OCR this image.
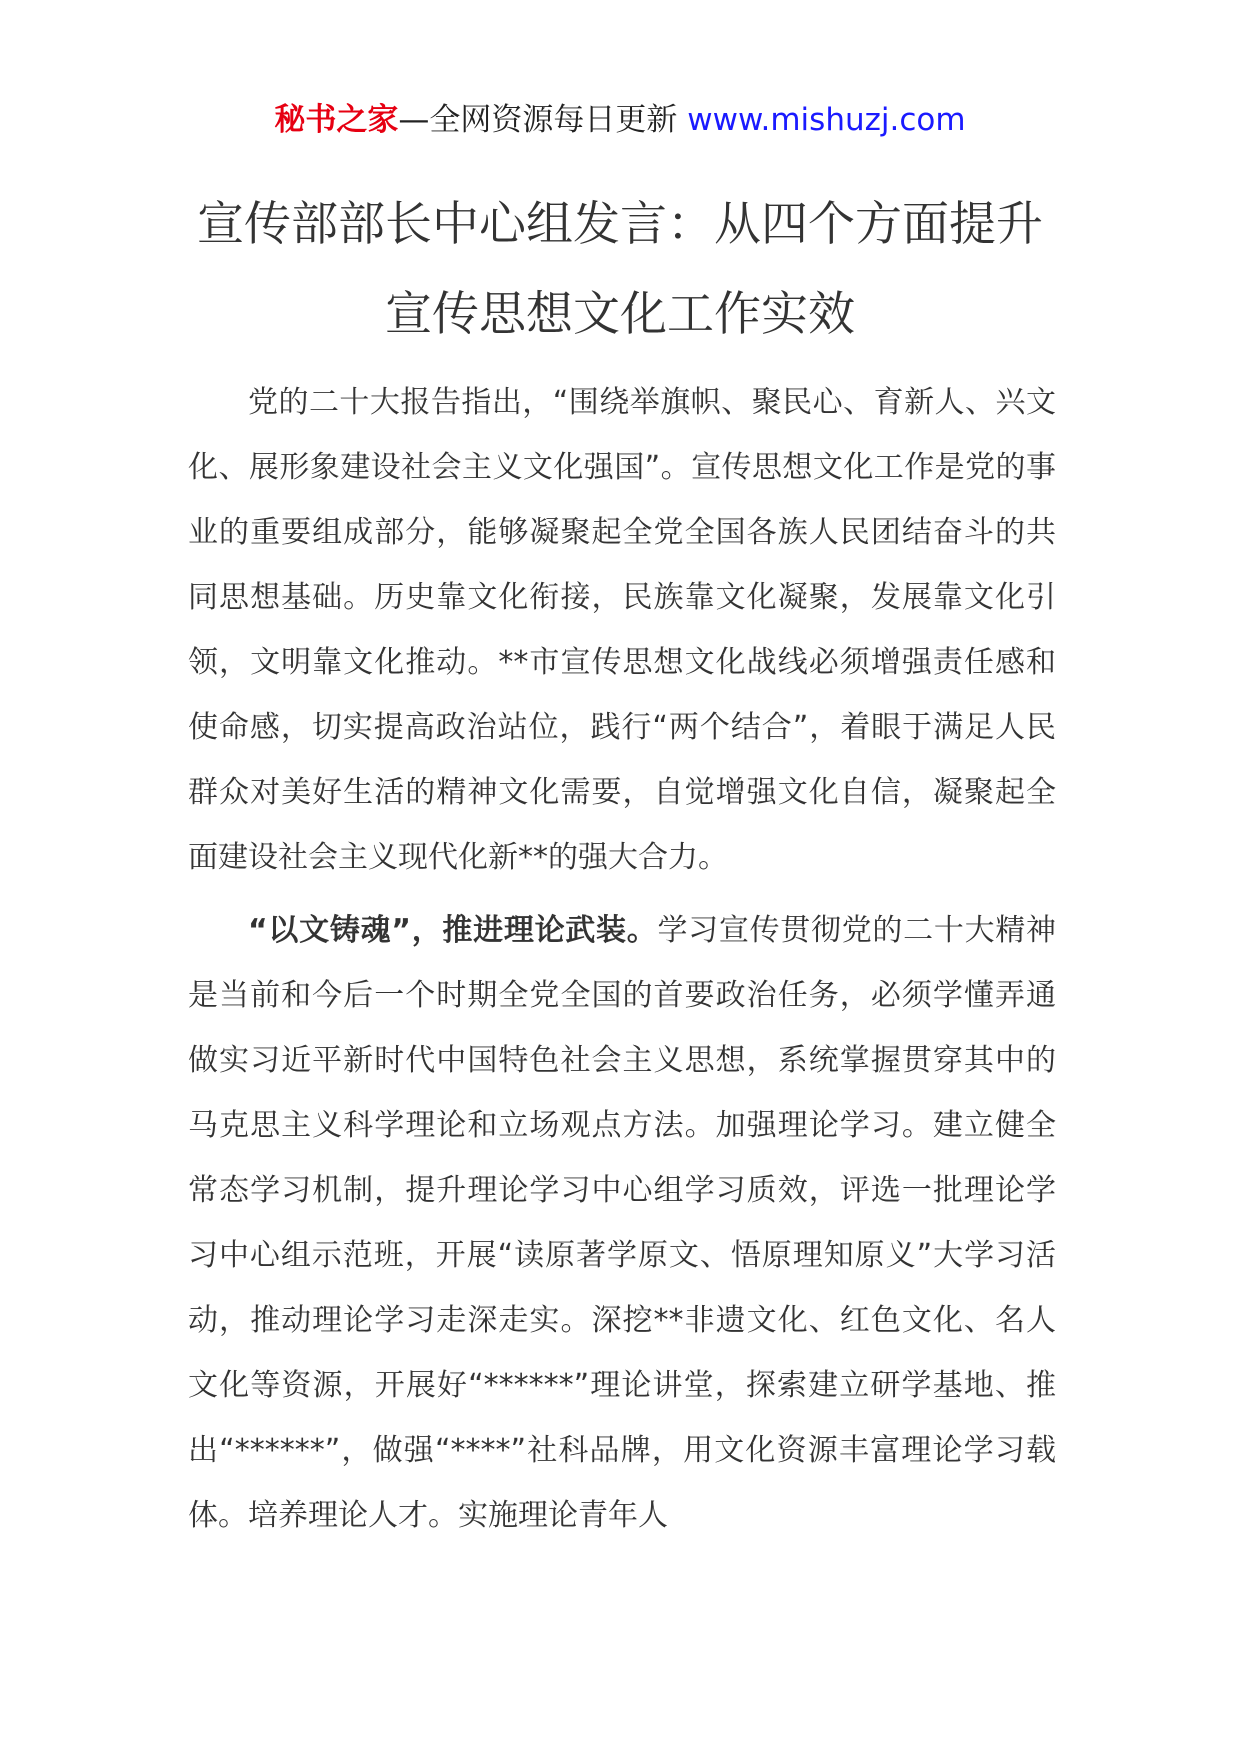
秘书之家—全网资源每日更新 www.mishuzj.com
宣传部部长中心组发言：从四个方面提升
宣传思想文化工作实效

党的二十大报告指出，“围绕举旗帜、聚民心、育新人、兴文化、展形象建设社会主义文化强国”。宣传思想文化工作是党的事业的重要组成部分，能够凝聚起全党全国各族人民团结奋斗的共同思想基础。历史靠文化衔接，民族靠文化凝聚，发展靠文化引领，文明靠文化推动。**市宣传思想文化战线必须增强责任感和使命感，切实提高政治站位，践行“两个结合”，着眼于满足人民群众对美好生活的精神文化需要，自觉增强文化自信，凝聚起全面建设社会主义现代化新**的强大合力。

“以文铸魂”，推进理论武装。学习宣传贯彻党的二十大精神是当前和今后一个时期全党全国的首要政治任务，必须学懂弄通做实习近平新时代中国特色社会主义思想，系统掌握贯穿其中的马克思主义科学理论和立场观点方法。加强理论学习。建立健全常态学习机制，提升理论学习中心组学习质效，评选一批理论学习中心组示范班，开展“读原著学原文、悟原理知原义”大学习活动，推动理论学习走深走实。深挖**非遗文化、红色文化、名人文化等资源，开展好“******”理论讲堂，探索建立研学基地、推出“******”，做强“****”社科品牌，用文化资源丰富理论学习载体。培养理论人才。实施理论青年人
